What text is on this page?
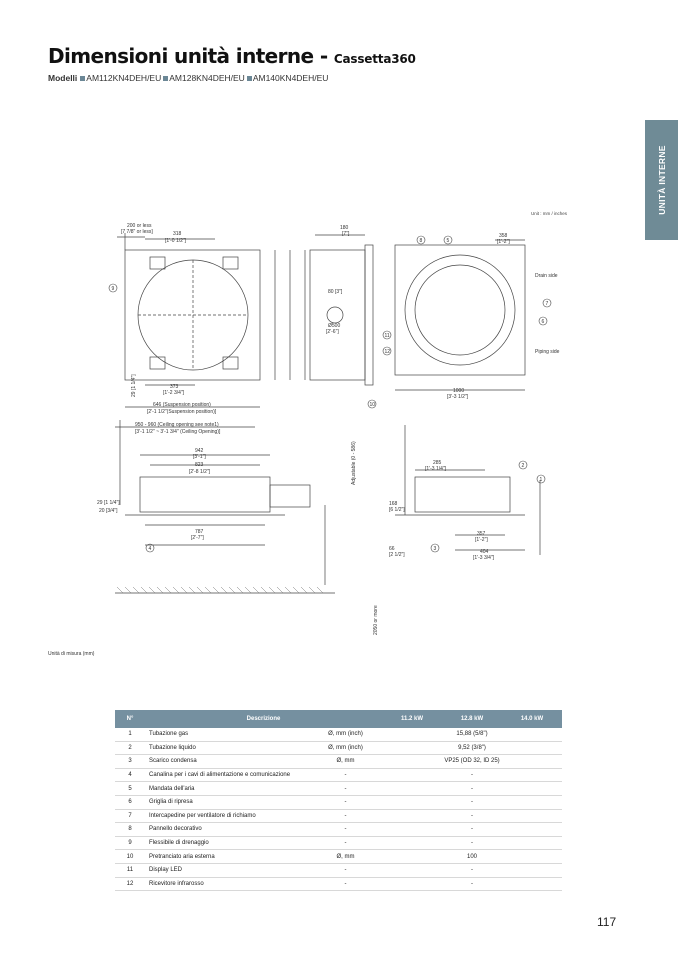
Dimensioni unità interne - Cassetta360
Modelli AM112KN4DEH/EU AM128KN4DEH/EU AM140KN4DEH/EU
UNITÀ INTERNE
Unit : mm / inches
200 or less
[7 7/8" or less]	318
[1'-0 1/2"]
180
[7"]	358
[1'-2"]
373
[1'-2 3/4"]
29 [1 1/4"]
646 (Suspension position)
[2'-1 1/2"(Suspension position)]
950 - 960 (Ceiling opening see note1)
[3'-1 1/2" ~ 3'-1 3/4" (Ceiling Opening)]
1000
[3'-3 1/2"]
942
[3'-1"]
823
[2'-8 1/2"]
787
[2'-7"]
29 [1 1/4"]
20 [3/4"]
285
[1'-3 1/4"]
357
[1'-2"]
404
[1'-3 3/4"]
2050 or more
Adjustable (0 - 586)
80 [3"]
Ø500
[2'-6"]
168
[6 1/2"]
66
[2 1/2"]
Drain side
Piping side
9
8	5
7
6
11
12
10
2
1
3
4
Unità di misura (mm)
N°	Descrizione		11.2 kW	12.8 kW	14.0 kW
1	Tubazione gas	Ø, mm (inch)	15,88 (5/8")		
2	Tubazione liquido	Ø, mm (inch)	9,52 (3/8")		
3	Scarico condensa	Ø, mm	VP25 (OD 32, ID 25)		
4	Canalina per i cavi di alimentazione e comunicazione	-	-		
5	Mandata dell'aria	-	-		
6	Griglia di ripresa	-	-		
7	Intercapedine per ventilatore di richiamo	-	-		
8	Pannello decorativo	-	-		
9	Flessibile di drenaggio	-	-		
10	Pretranciato aria esterna	Ø, mm	100		
11	Display LED	-	-		
12	Ricevitore infrarosso	-	-		
117
